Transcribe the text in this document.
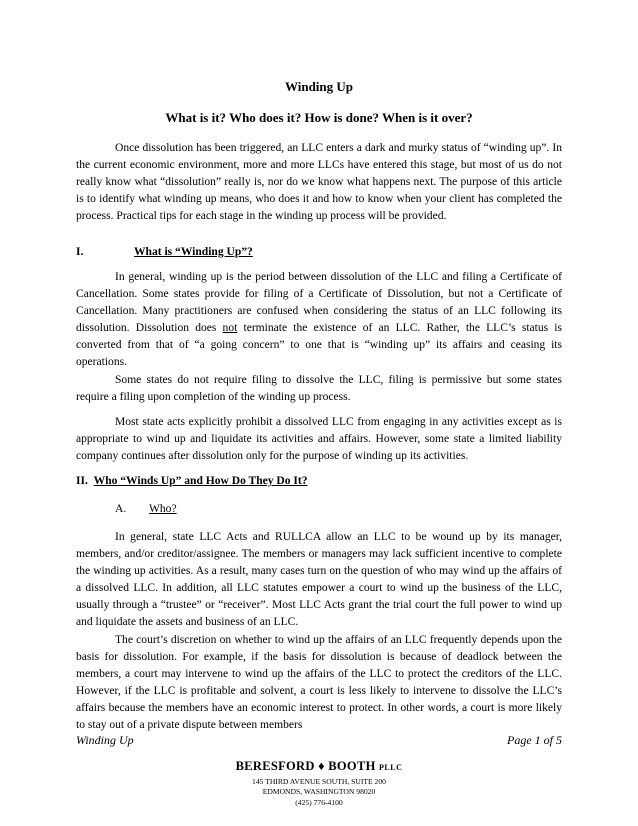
Winding Up
What is it? Who does it? How is done? When is it over?

Once dissolution has been triggered, an LLC enters a dark and murky status of “winding up”. In the current economic environment, more and more LLCs have entered this stage, but most of us do not really know what “dissolution” really is, nor do we know what happens next. The purpose of this article is to identify what winding up means, who does it and how to know when your client has completed the process. Practical tips for each stage in the winding up process will be provided.

I.	What is “Winding Up”?

In general, winding up is the period between dissolution of the LLC and filing a Certificate of Cancellation. Some states provide for filing of a Certificate of Dissolution, but not a Certificate of Cancellation. Many practitioners are confused when considering the status of an LLC following its dissolution. Dissolution does not terminate the existence of an LLC. Rather, the LLC’s status is converted from that of “a going concern” to one that is “winding up” its affairs and ceasing its operations.

Some states do not require filing to dissolve the LLC, filing is permissive but some states require a filing upon completion of the winding up process.

Most state acts explicitly prohibit a dissolved LLC from engaging in any activities except as is appropriate to wind up and liquidate its activities and affairs. However, some state a limited liability company continues after dissolution only for the purpose of winding up its activities.

II. Who “Winds Up” and How Do They Do It?
A. Who?

In general, state LLC Acts and RULLCA allow an LLC to be wound up by its manager, members, and/or creditor/assignee. The members or managers may lack sufficient incentive to complete the winding up activities. As a result, many cases turn on the question of who may wind up the affairs of a dissolved LLC. In addition, all LLC statutes empower a court to wind up the business of the LLC, usually through a “trustee” or “receiver”. Most LLC Acts grant the trial court the full power to wind up and liquidate the assets and business of an LLC.

The court’s discretion on whether to wind up the affairs of an LLC frequently depends upon the basis for dissolution. For example, if the basis for dissolution is because of deadlock between the members, a court may intervene to wind up the affairs of the LLC to protect the creditors of the LLC. However, if the LLC is profitable and solvent, a court is less likely to intervene to dissolve the LLC’s affairs because the members have an economic interest to protect. In other words, a court is more likely to stay out of a private dispute between members

Winding Up	Page 1 of 5
BERESFORD ♦ BOOTH PLLC
145 THIRD AVENUE SOUTH, SUITE 200
EDMONDS, WASHINGTON 98020
(425) 776-4100
